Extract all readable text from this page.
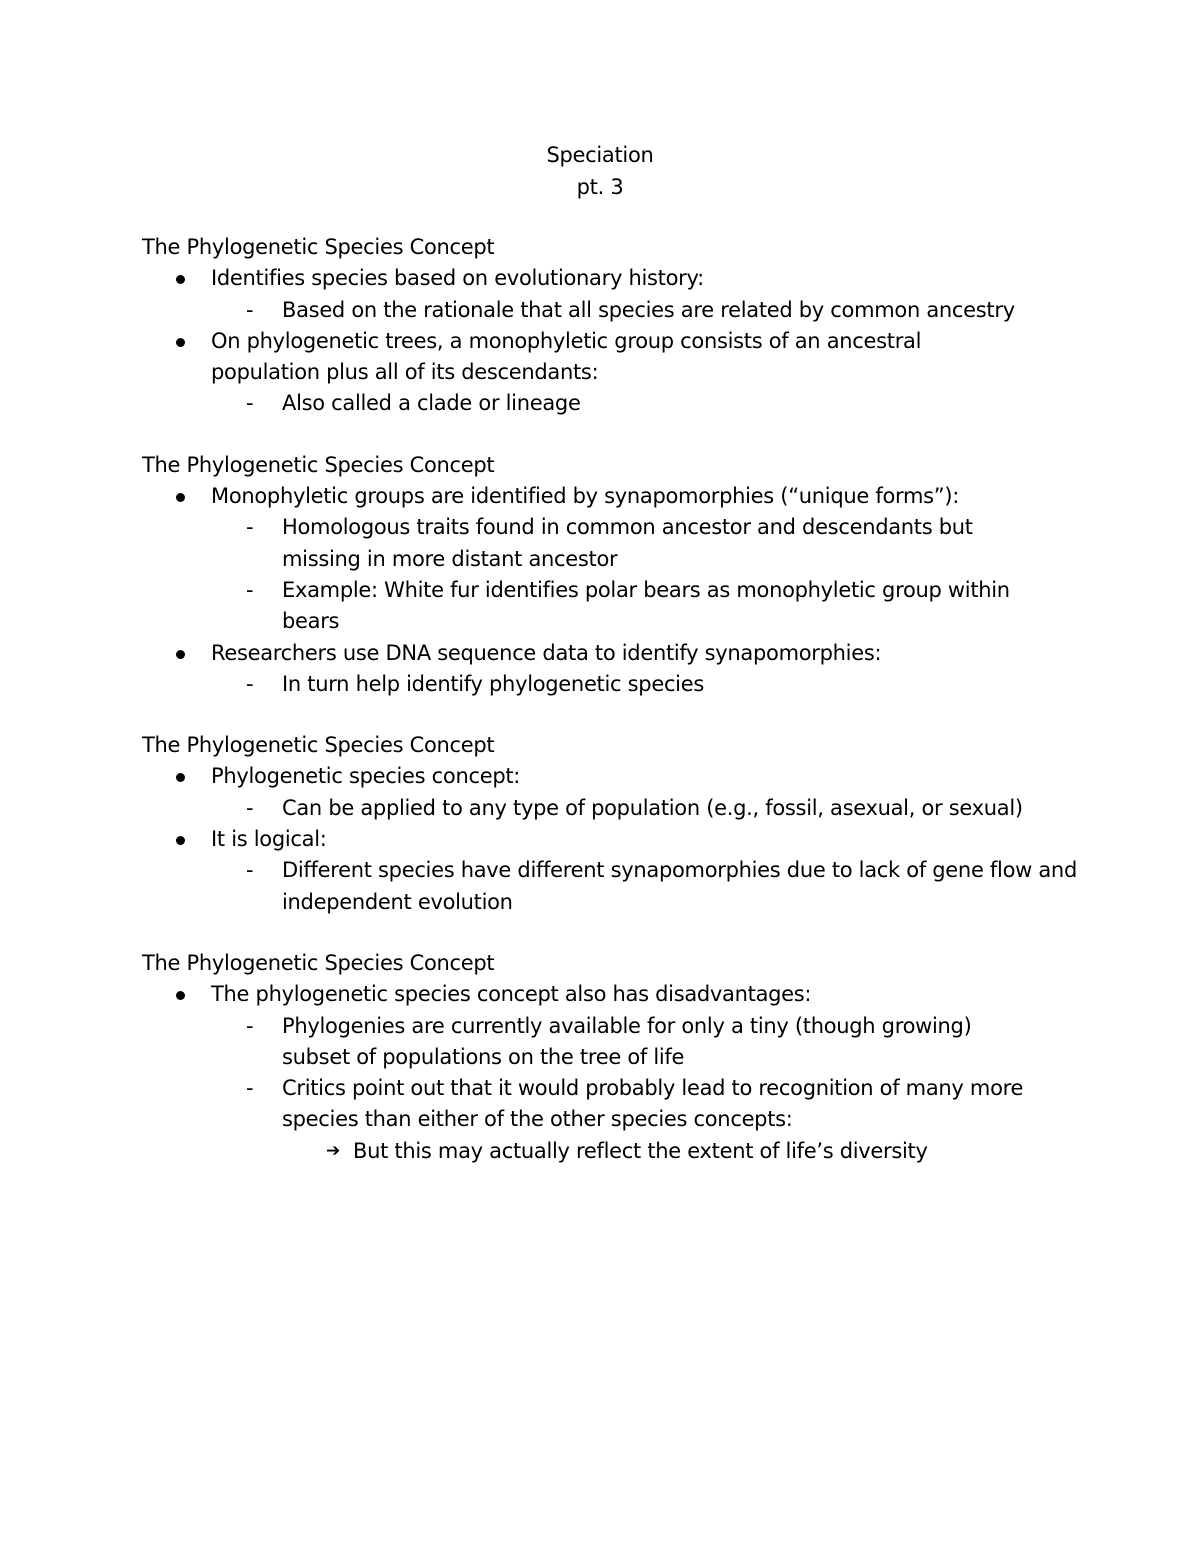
Speciation
pt. 3
The Phylogenetic Species Concept
Identifies species based on evolutionary history:
- Based on the rationale that all species are related by common ancestry
On phylogenetic trees, a monophyletic group consists of an ancestral population plus all of its descendants:
- Also called a clade or lineage
The Phylogenetic Species Concept
Monophyletic groups are identified by synapomorphies (“unique forms”):
- Homologous traits found in common ancestor and descendants but missing in more distant ancestor
- Example: White fur identifies polar bears as monophyletic group within bears
Researchers use DNA sequence data to identify synapomorphies:
- In turn help identify phylogenetic species
The Phylogenetic Species Concept
Phylogenetic species concept:
- Can be applied to any type of population (e.g., fossil, asexual, or sexual)
It is logical:
- Different species have different synapomorphies due to lack of gene flow and independent evolution
The Phylogenetic Species Concept
The phylogenetic species concept also has disadvantages:
- Phylogenies are currently available for only a tiny (though growing) subset of populations on the tree of life
- Critics point out that it would probably lead to recognition of many more species than either of the other species concepts:
➔ But this may actually reflect the extent of life’s diversity
